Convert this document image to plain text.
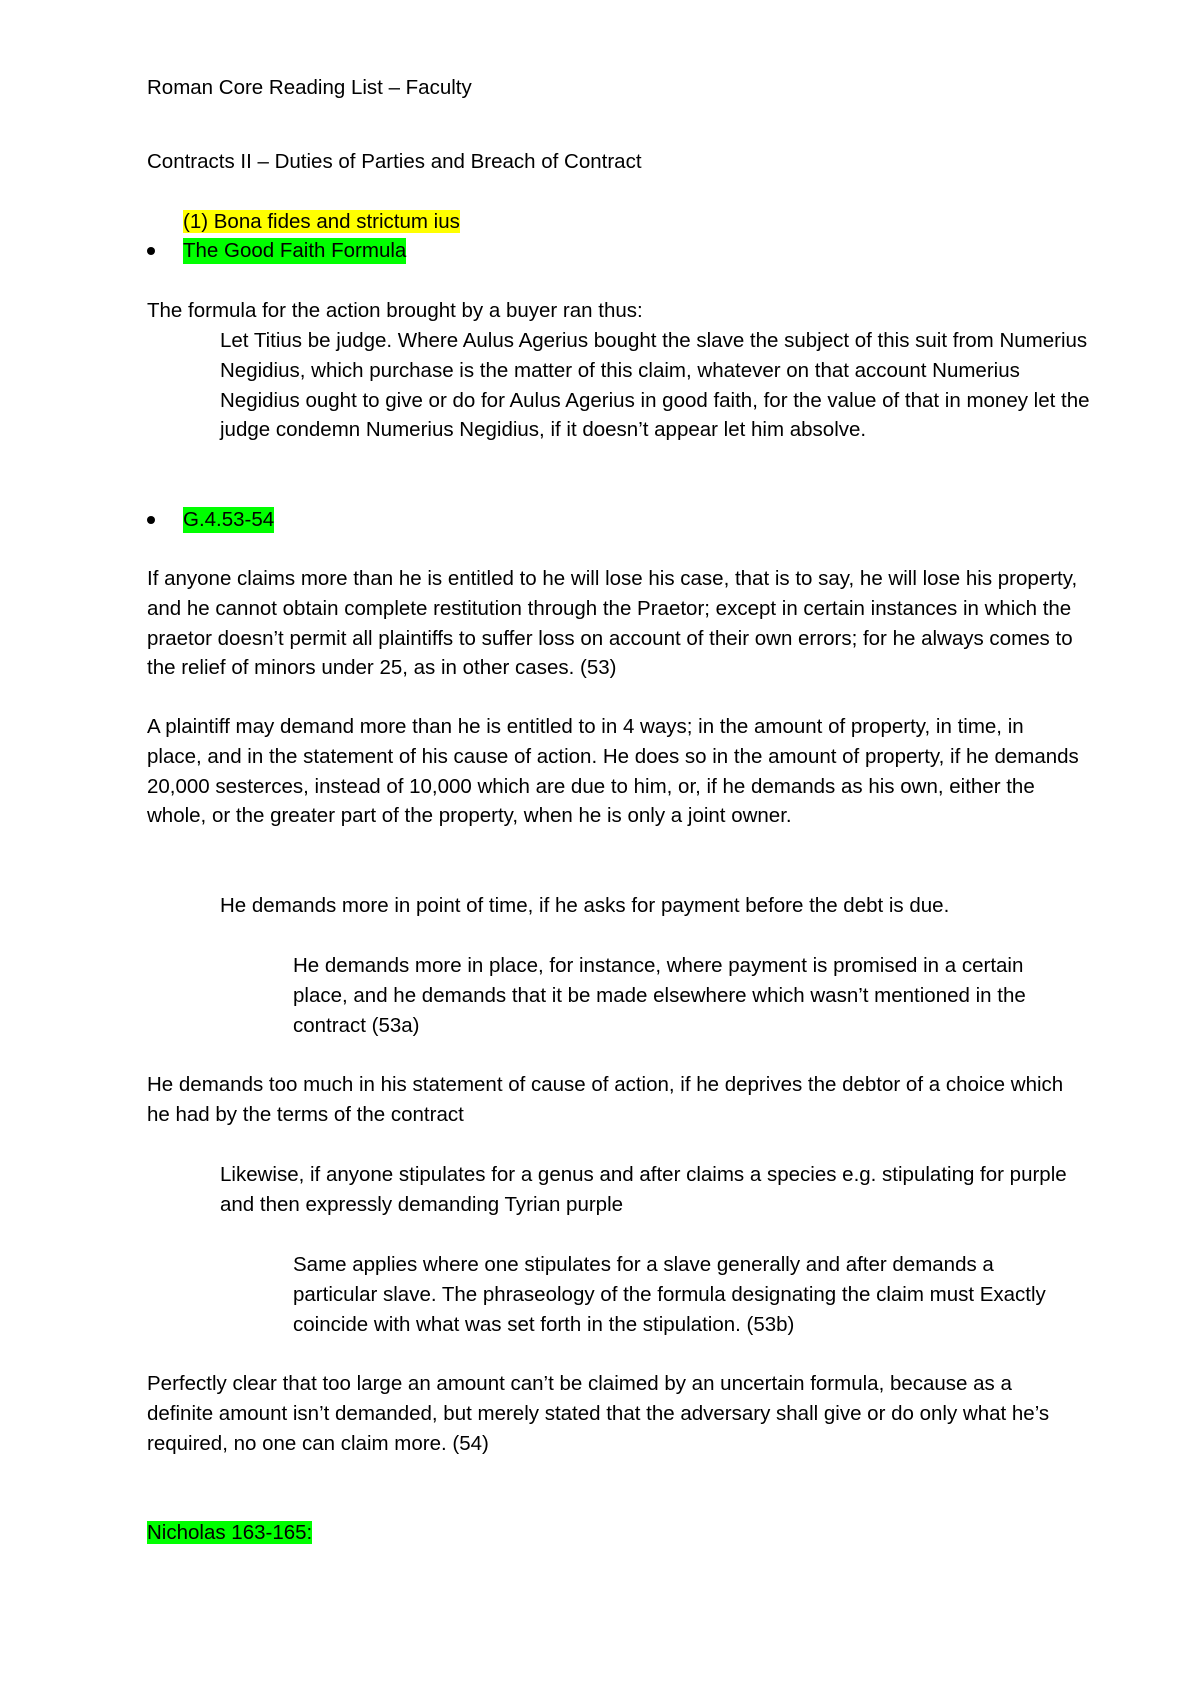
Roman Core Reading List – Faculty
Contracts II – Duties of Parties and Breach of Contract
(1) Bona fides and strictum ius
The Good Faith Formula
The formula for the action brought by a buyer ran thus:
Let Titius be judge. Where Aulus Agerius bought the slave the subject of this suit from Numerius Negidius, which purchase is the matter of this claim, whatever on that account Numerius Negidius ought to give or do for Aulus Agerius in good faith, for the value of that in money let the judge condemn Numerius Negidius, if it doesn’t appear let him absolve.
G.4.53-54
If anyone claims more than he is entitled to he will lose his case, that is to say, he will lose his property, and he cannot obtain complete restitution through the Praetor; except in certain instances in which the praetor doesn’t permit all plaintiffs to suffer loss on account of their own errors; for he always comes to the relief of minors under 25, as in other cases. (53)
A plaintiff may demand more than he is entitled to in 4 ways; in the amount of property, in time, in place, and in the statement of his cause of action. He does so in the amount of property, if he demands 20,000 sesterces, instead of 10,000 which are due to him, or, if he demands as his own, either the whole, or the greater part of the property, when he is only a joint owner.
He demands more in point of time, if he asks for payment before the debt is due.
He demands more in place, for instance, where payment is promised in a certain place, and he demands that it be made elsewhere which wasn’t mentioned in the contract (53a)
He demands too much in his statement of cause of action, if he deprives the debtor of a choice which he had by the terms of the contract
Likewise, if anyone stipulates for a genus and after claims a species e.g. stipulating for purple and then expressly demanding Tyrian purple
Same applies where one stipulates for a slave generally and after demands a particular slave. The phraseology of the formula designating the claim must Exactly coincide with what was set forth in the stipulation. (53b)
Perfectly clear that too large an amount can’t be claimed by an uncertain formula, because as a definite amount isn’t demanded, but merely stated that the adversary shall give or do only what he’s required, no one can claim more. (54)
Nicholas 163-165:
